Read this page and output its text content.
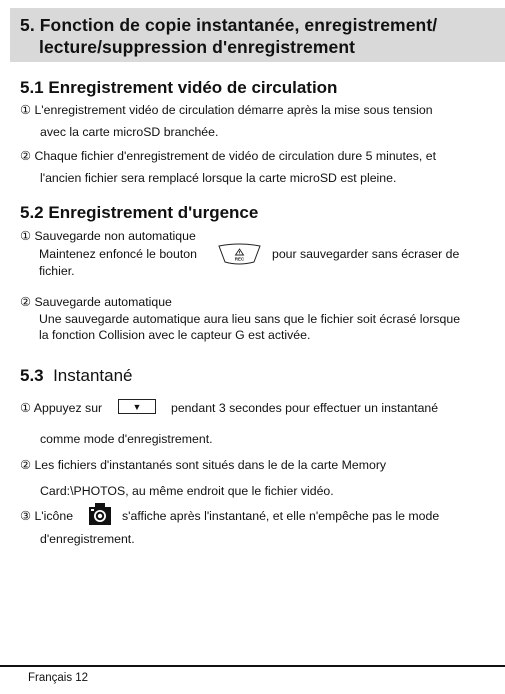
5. Fonction de copie instantanée, enregistrement/
lecture/suppression d'enregistrement
5.1 Enregistrement vidéo de circulation
① L'enregistrement vidéo de circulation démarre après la mise sous tension
avec la carte microSD branchée.
② Chaque fichier d'enregistrement de vidéo de circulation dure 5 minutes, et
l'ancien fichier sera remplacé lorsque la carte microSD est pleine.
5.2 Enregistrement d'urgence
① Sauvegarde non automatique
Maintenez enfoncé le bouton	REC pour sauvegarder sans écraser de
fichier.
② Sauvegarde automatique
Une sauvegarde automatique aura lieu sans que le fichier soit écrasé lorsque
la fonction Collision avec le capteur G est activée.
5.3  Instantané
① Appuyez sur	▼ pendant 3 secondes pour effectuer un instantané
comme mode d'enregistrement.
② Les fichiers d'instantanés sont situés dans le de la carte Memory
Card:\PHOTOS, au même endroit que le fichier vidéo.
③ L'icône	s'affiche après l'instantané, et elle n'empêche pas le mode
d'enregistrement.
Français 12
